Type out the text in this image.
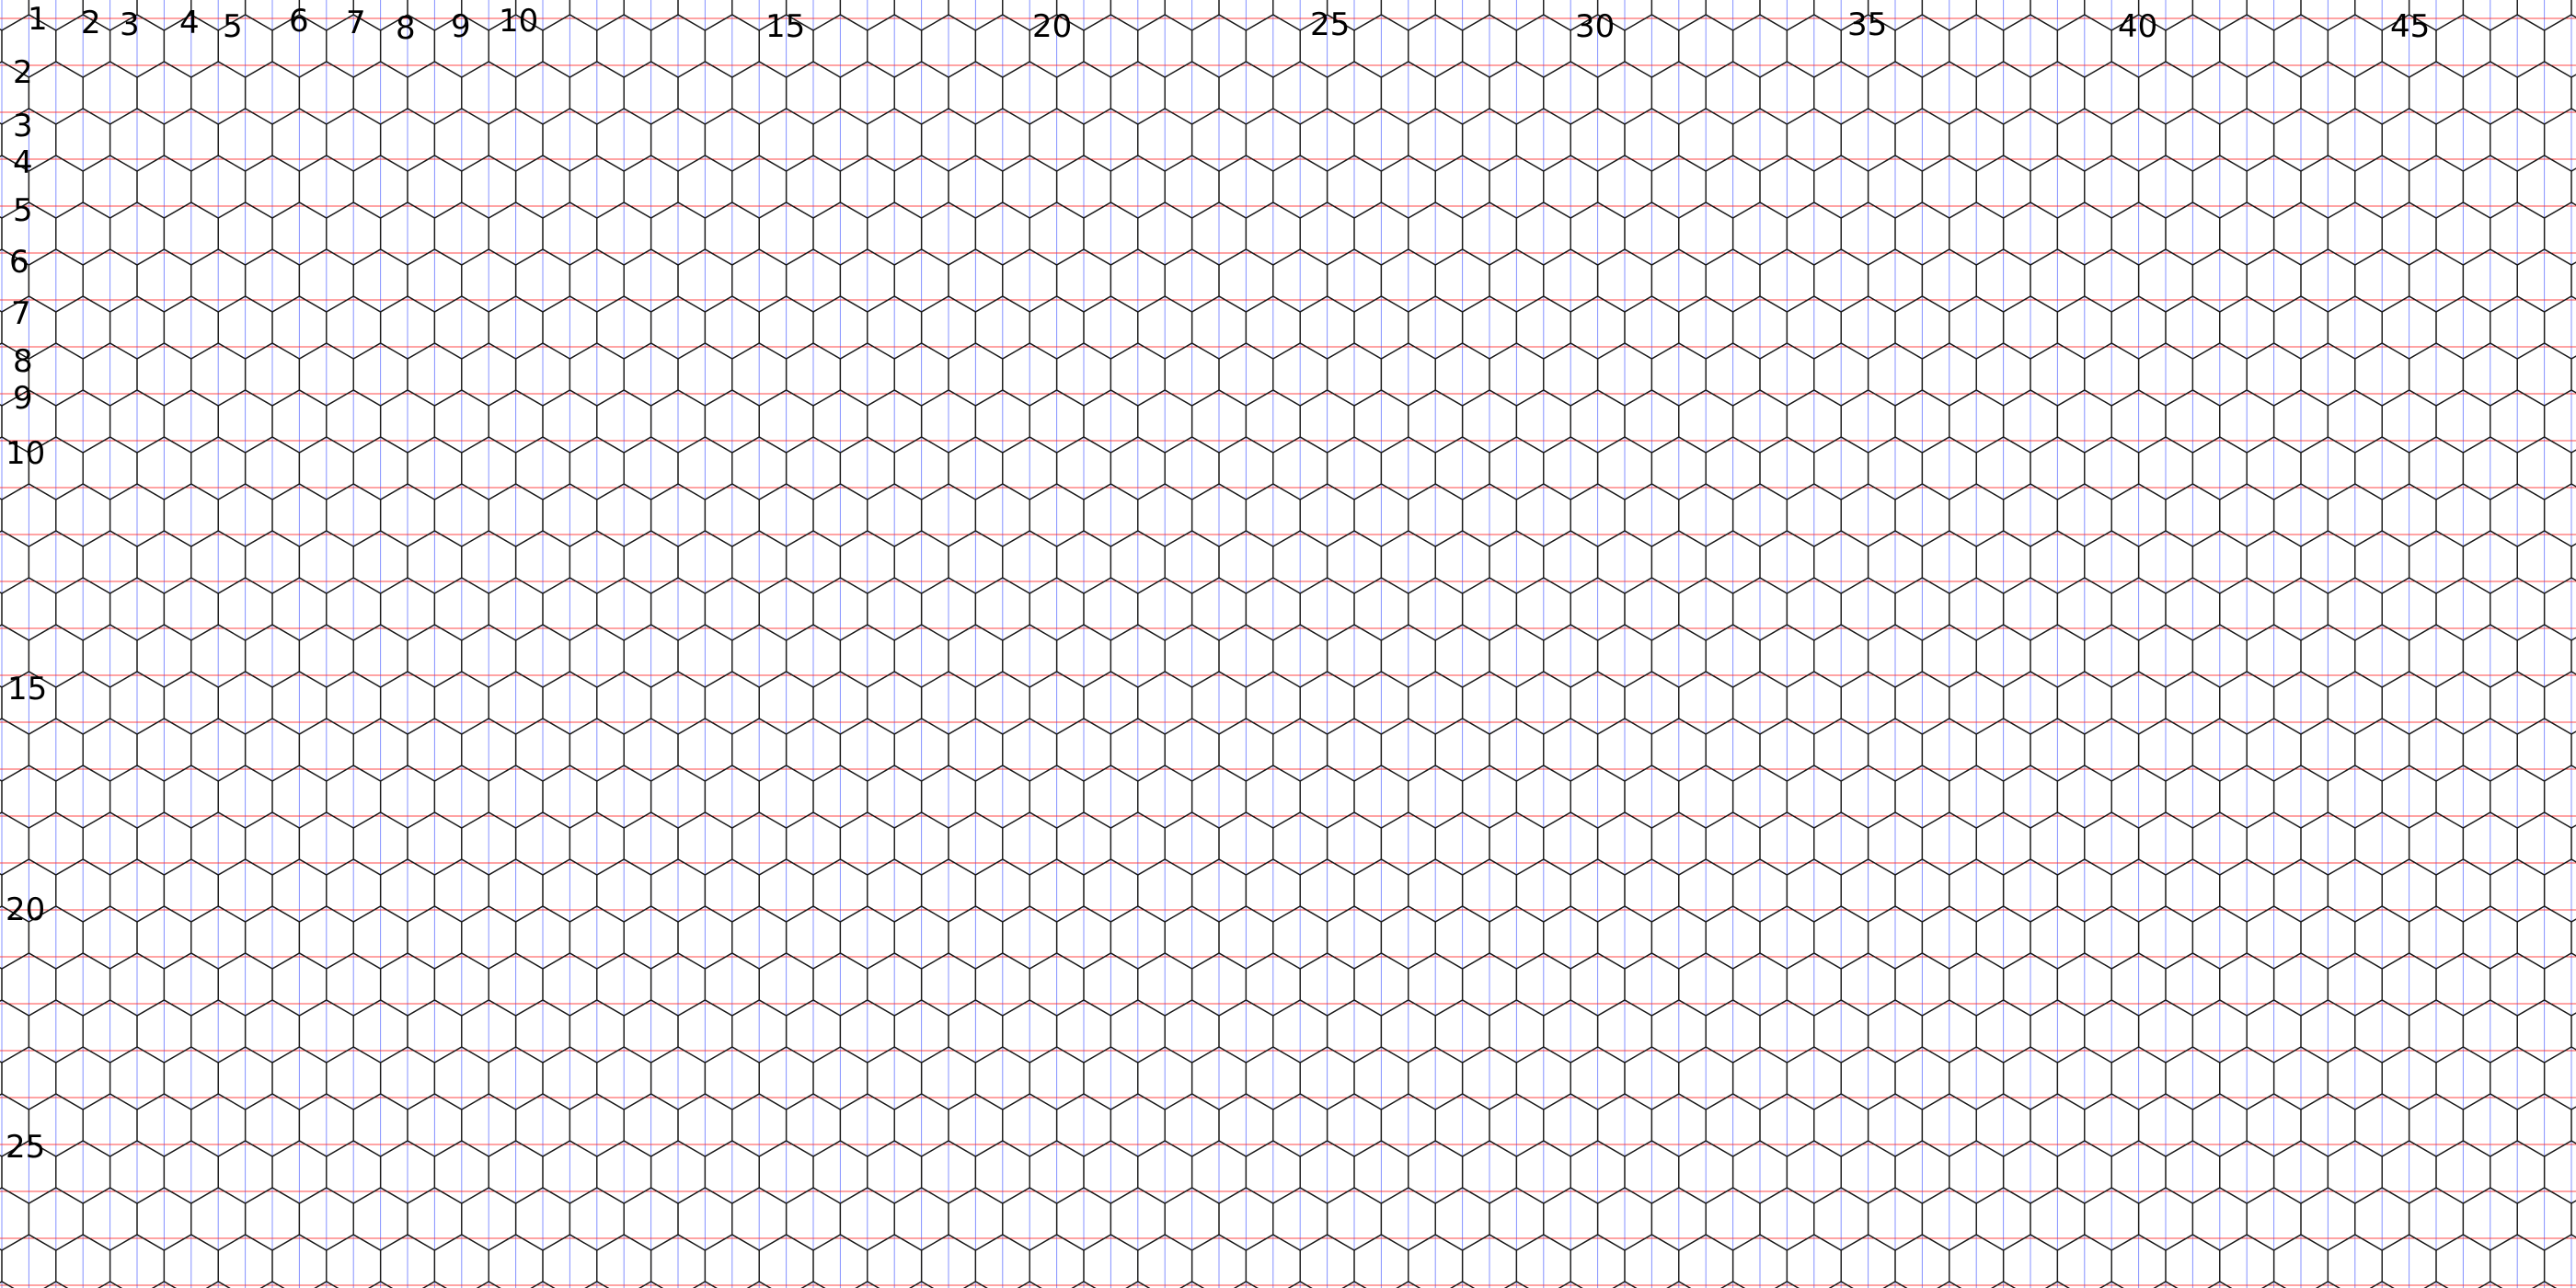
1 2 3 4 5 6 7 8 9 10	15	20	25	30	35	40	45
2
3
4
5
6
7
8
9
10
15
20
25
